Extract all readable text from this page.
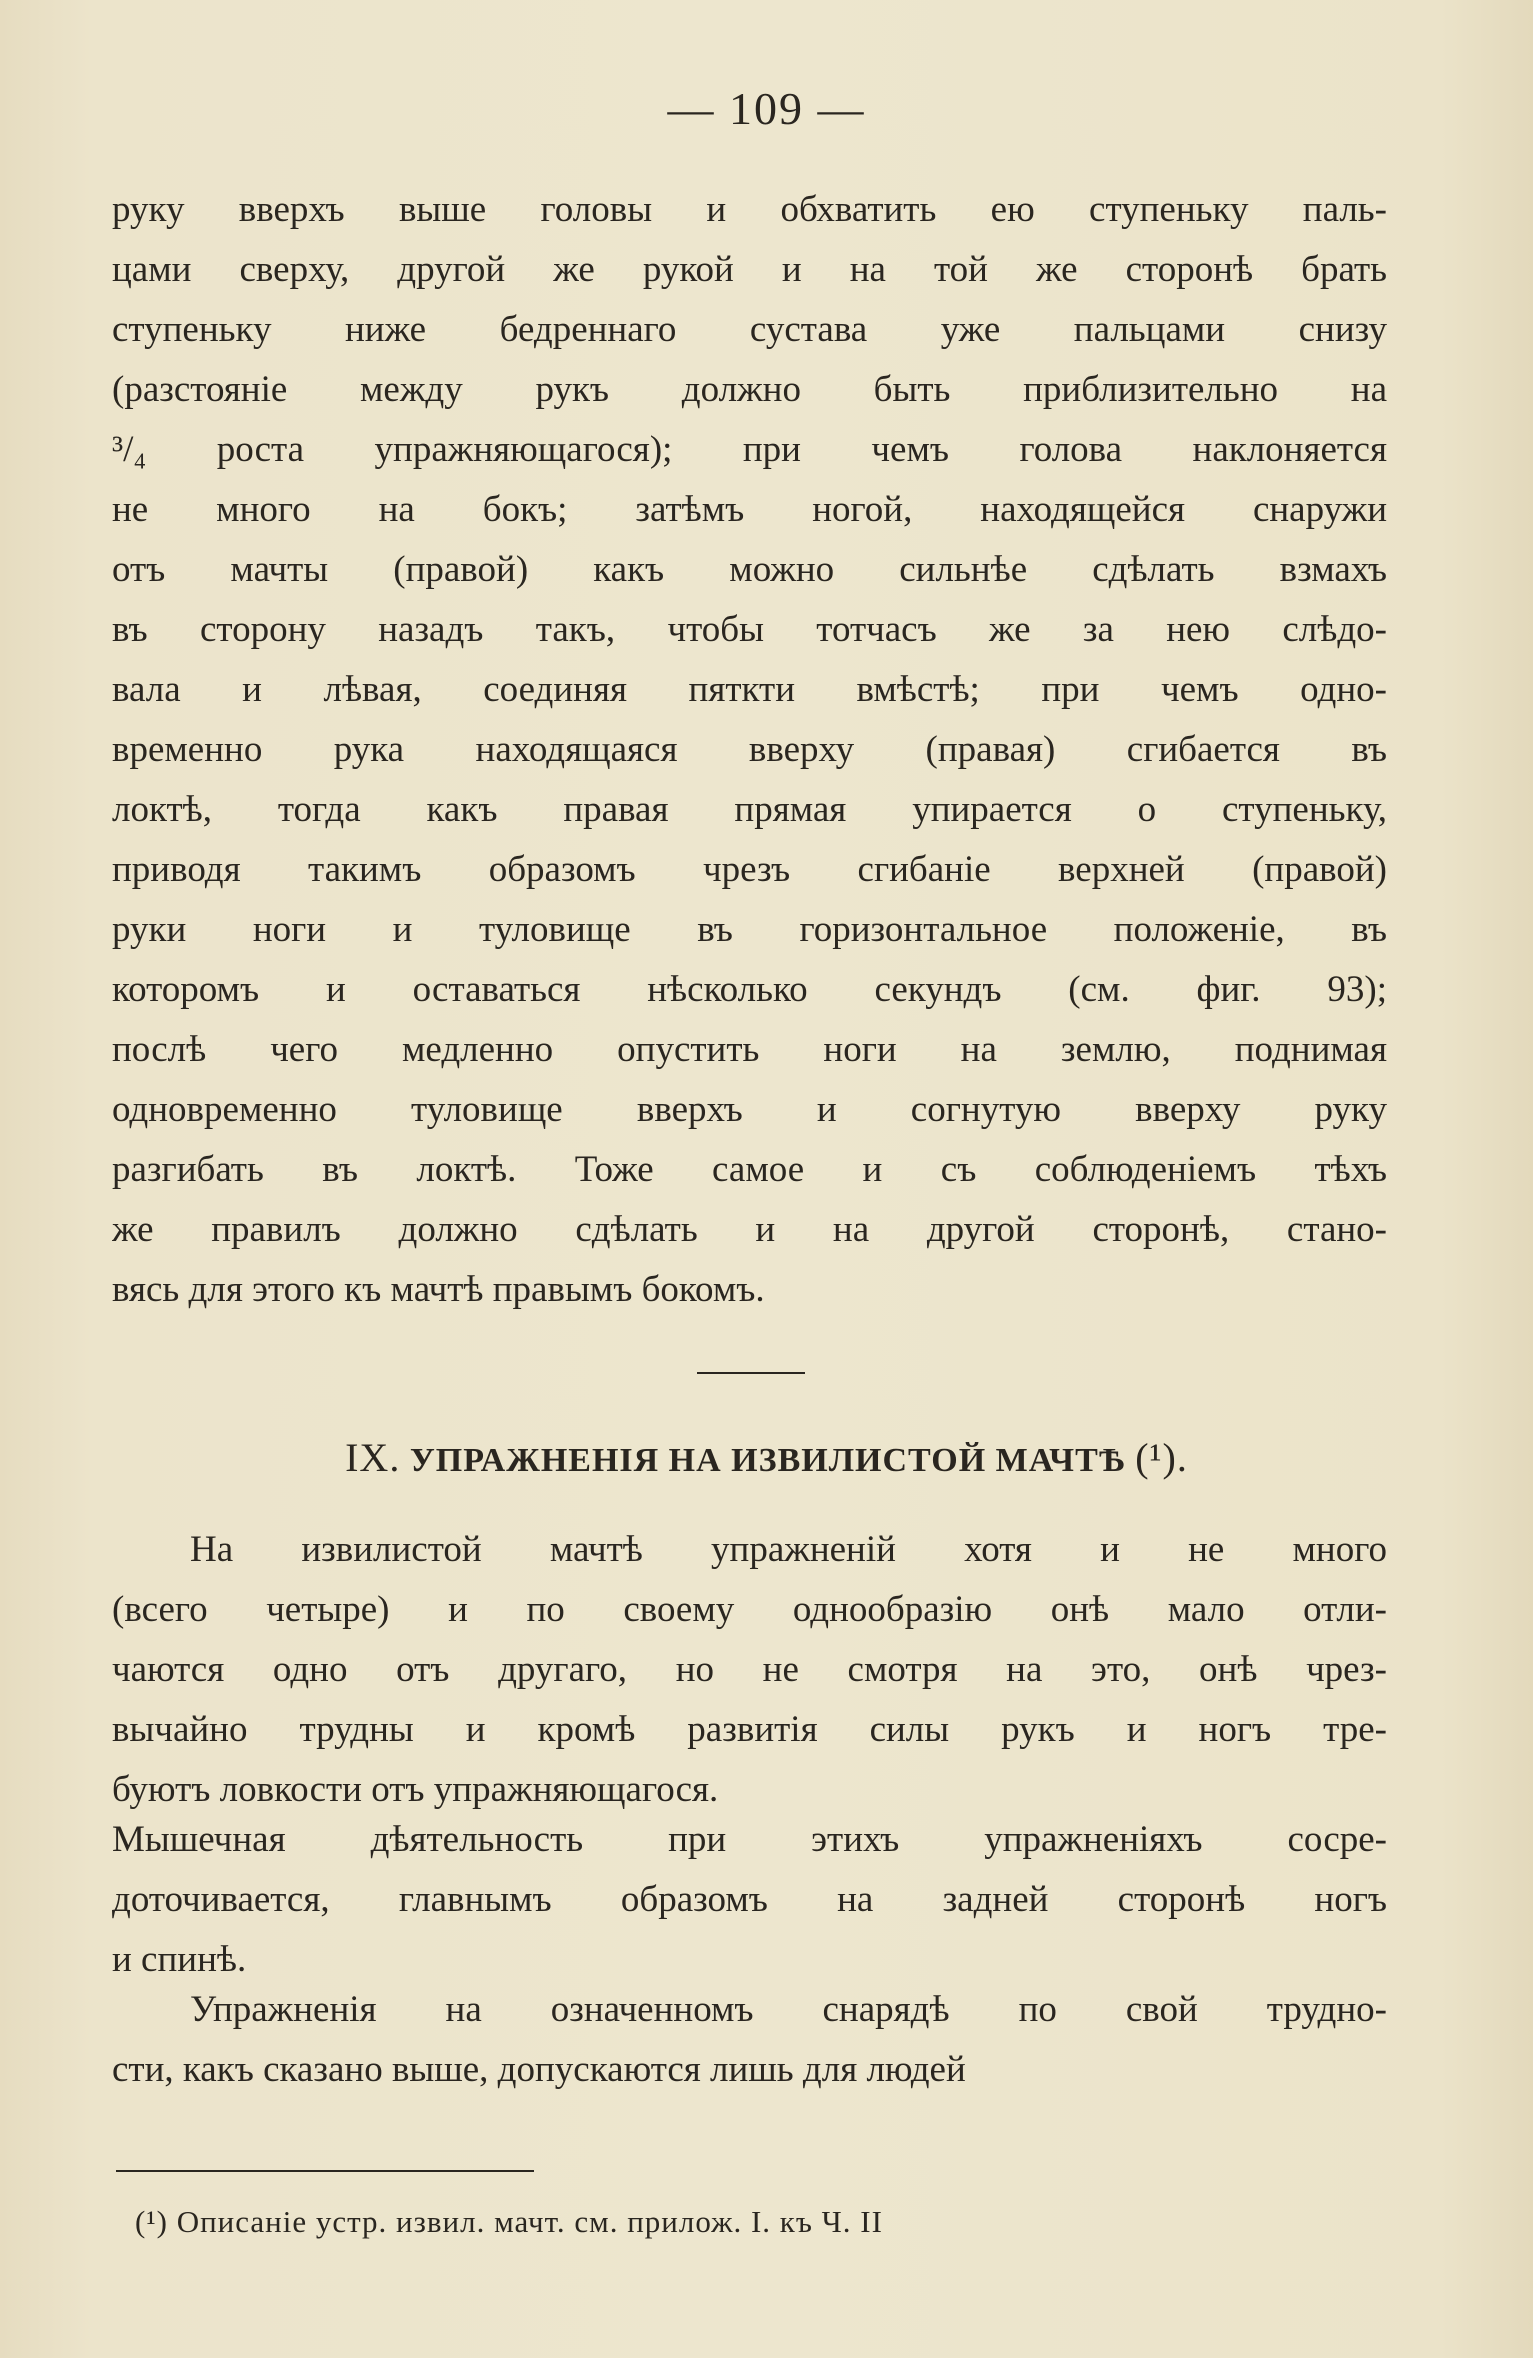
— 109 —
руку вверхъ выше головы и обхватить ею ступеньку паль-
цами сверху, другой же рукой и на той же сторонѣ брать
ступеньку ниже бедреннаго сустава уже пальцами снизу
(разстояніе между рукъ должно быть приблизительно на
³/₄ роста упражняющагося); при чемъ голова наклоняется
не много на бокъ; затѣмъ ногой, находящейся снаружи
отъ мачты (правой) какъ можно сильнѣе сдѣлать взмахъ
въ сторону назадъ такъ, чтобы тотчасъ же за нею слѣдо-
вала и лѣвая, соединяя пяткти вмѣстѣ; при чемъ одно-
временно рука находящаяся вверху (правая) сгибается въ
локтѣ, тогда какъ правая прямая упирается о ступеньку,
приводя такимъ образомъ чрезъ сгибаніе верхней (правой)
руки ноги и туловище въ горизонтальное положеніе, въ
которомъ и оставаться нѣсколько секундъ (см. фиг. 93);
послѣ чего медленно опустить ноги на землю, поднимая
одновременно туловище вверхъ и согнутую вверху руку
разгибать въ локтѣ. Тоже самое и съ соблюденіемъ тѣхъ
же правилъ должно сдѣлать и на другой сторонѣ, стано-
вясь для этого къ мачтѣ правымъ бокомъ.
IX. УПРАЖНЕНІЯ НА ИЗВИЛИСТОЙ МАЧТѢ (¹).
На извилистой мачтѣ упражненій хотя и не много
(всего четыре) и по своему однообразію онѣ мало отли-
чаются одно отъ другаго, но не смотря на это, онѣ чрез-
вычайно трудны и кромѣ развитія силы рукъ и ногъ тре-
буютъ ловкости отъ упражняющагося.
Мышечная дѣятельность при этихъ упражненіяхъ сосре-
доточивается, главнымъ образомъ на задней сторонѣ ногъ
и спинѣ.
Упражненія на означенномъ снарядѣ по свой трудно-
сти, какъ сказано выше, допускаются лишь для людей
(¹) Описаніе устр. извил. мачт. см. прилож. I. къ Ч. II
